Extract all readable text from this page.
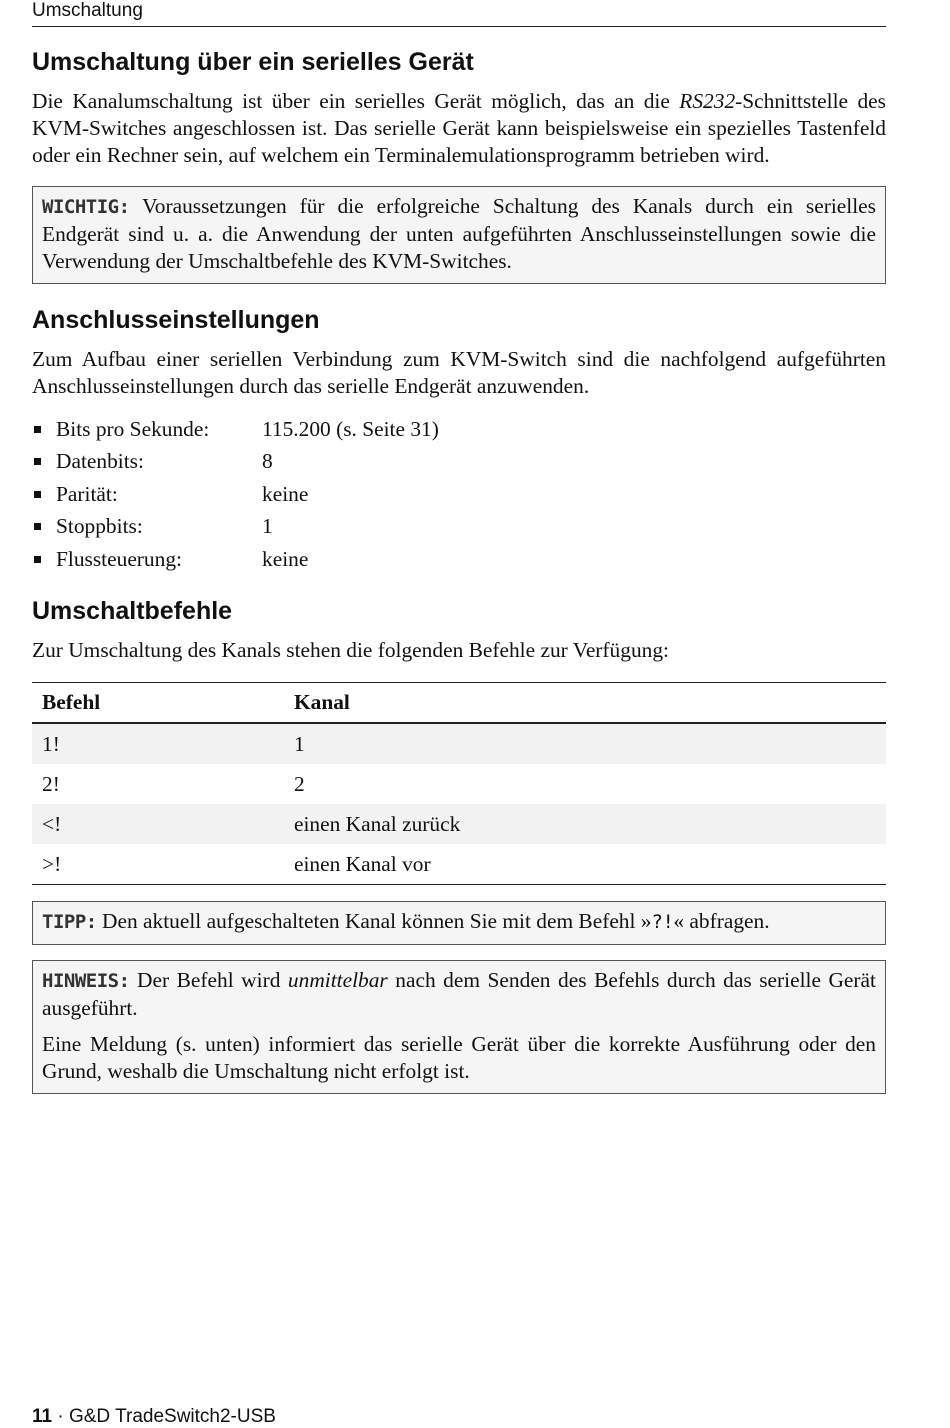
Umschaltung
Umschaltung über ein serielles Gerät

Die Kanalumschaltung ist über ein serielles Gerät möglich, das an die RS232-Schnittstelle des KVM-Switches angeschlossen ist. Das serielle Gerät kann beispielsweise ein spezielles Tastenfeld oder ein Rechner sein, auf welchem ein Terminalemulationsprogramm betrieben wird.

WICHTIG: Voraussetzungen für die erfolgreiche Schaltung des Kanals durch ein serielles Endgerät sind u. a. die Anwendung der unten aufgeführten Anschlusseinstellungen sowie die Verwendung der Umschaltbefehle des KVM-Switches.

Anschlusseinstellungen

Zum Aufbau einer seriellen Verbindung zum KVM-Switch sind die nachfolgend aufgeführten Anschlusseinstellungen durch das serielle Endgerät anzuwenden.

Bits pro Sekunde:	115.200 (s. Seite 31)
Datenbits:	8
Parität:	keine
Stoppbits:	1
Flussteuerung:	keine
Umschaltbefehle

Zur Umschaltung des Kanals stehen die folgenden Befehle zur Verfügung:

Befehl	Kanal
1!	1
2!	2
<!	einen Kanal zurück
>!	einen Kanal vor

TIPP: Den aktuell aufgeschalteten Kanal können Sie mit dem Befehl »?!« abfragen.

HINWEIS: Der Befehl wird unmittelbar nach dem Senden des Befehls durch das serielle Gerät ausgeführt.

Eine Meldung (s. unten) informiert das serielle Gerät über die korrekte Ausführung oder den Grund, weshalb die Umschaltung nicht erfolgt ist.

11 · G&D TradeSwitch2-USB
